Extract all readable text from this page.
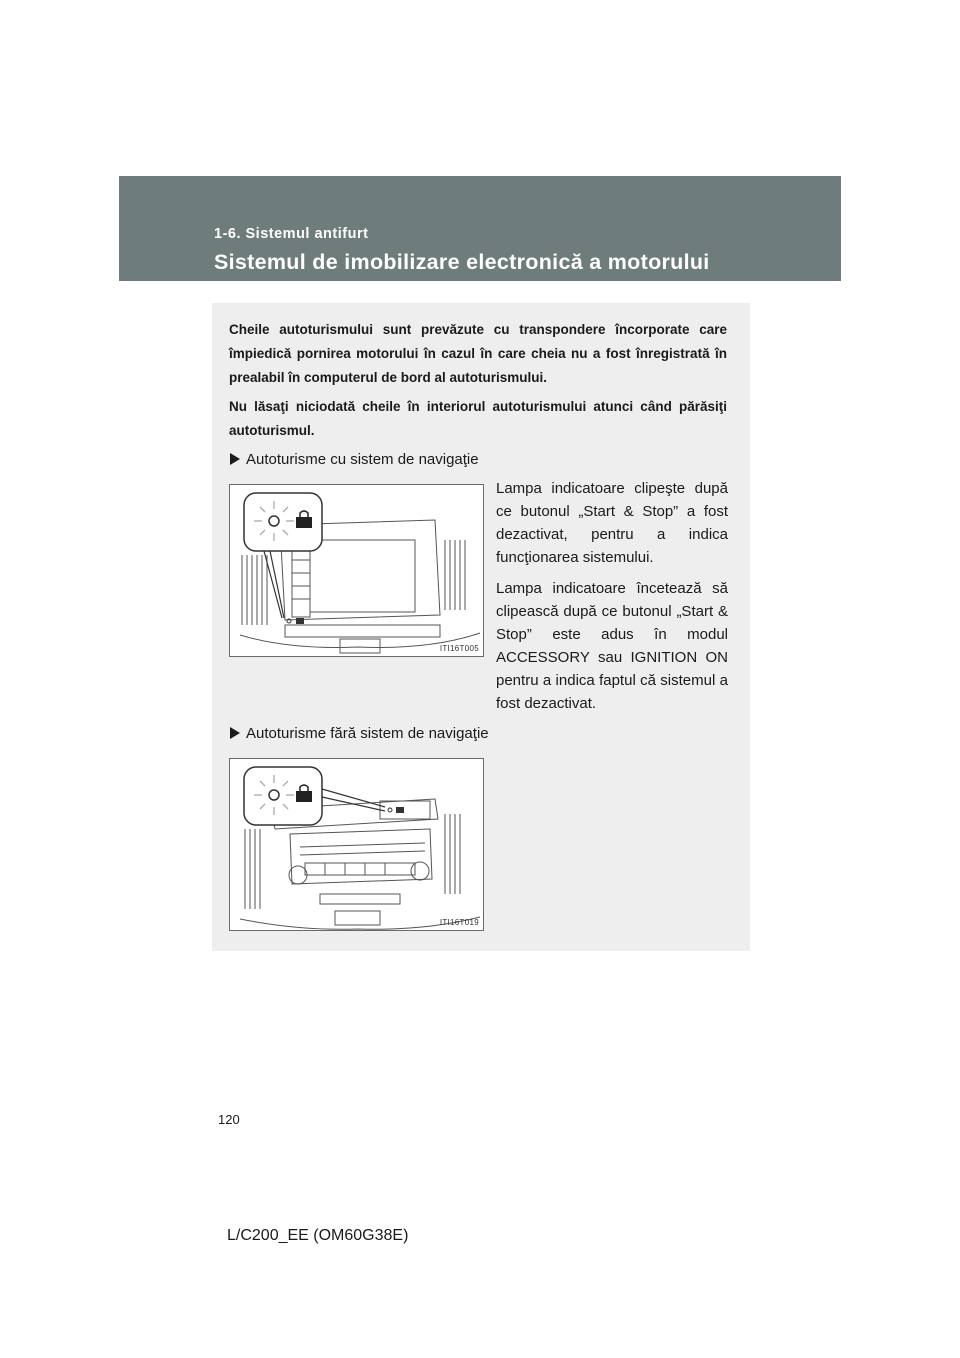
1-6. Sistemul antifurt
Sistemul de imobilizare electronică a motorului

Cheile autoturismului sunt prevăzute cu transpondere încorporate care împiedică pornirea motorului în cazul în care cheia nu a fost înregistrată în prealabil în computerul de bord al autoturismului.

Nu lăsaţi niciodată cheile în interiorul autoturismului atunci când părăsiţi autoturismul.

Autoturisme cu sistem de navigaţie
ITI16T005

Lampa indicatoare clipeşte după ce butonul „Start & Stop” a fost dezactivat, pentru a indica funcţionarea sistemului.

Lampa indicatoare încetează să clipească după ce butonul „Start & Stop” este adus în modul ACCESSORY sau IGNITION ON pentru a indica faptul că sistemul a fost dezactivat.

Autoturisme fără sistem de navigaţie
ITI16T019
120
L/C200_EE (OM60G38E)
